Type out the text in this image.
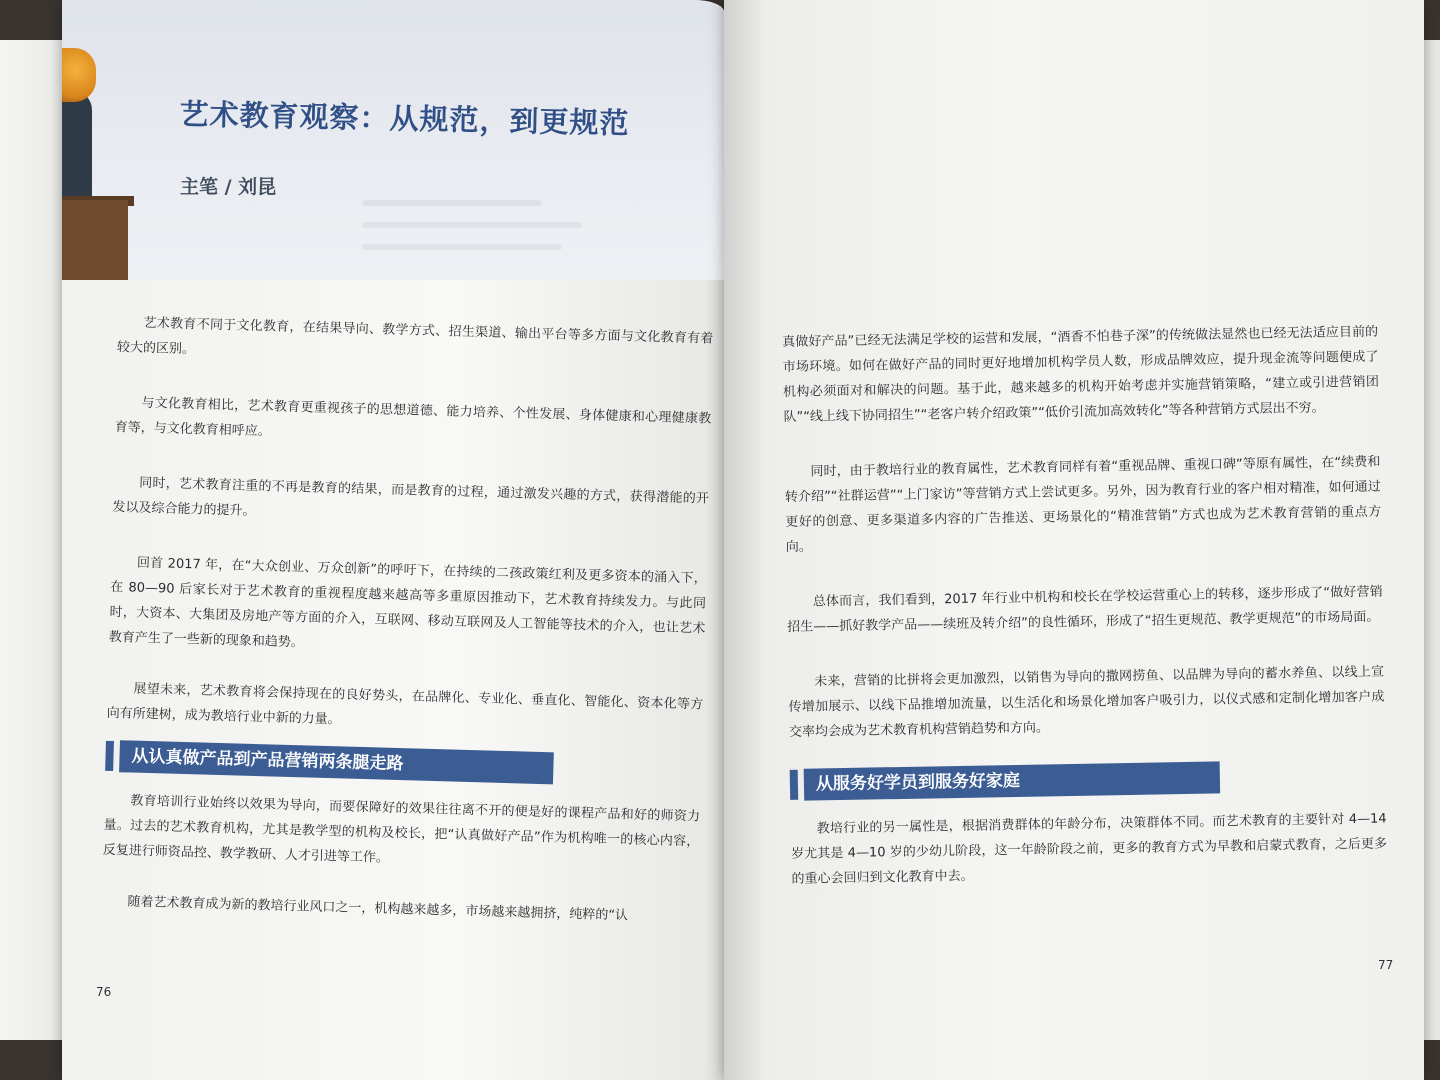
艺术教育观察：从规范，到更规范
主笔 / 刘昆

艺术教育不同于文化教育，在结果导向、教学方式、招生渠道、输出平台等多方面与文化教育有着较大的区别。

与文化教育相比，艺术教育更重视孩子的思想道德、能力培养、个性发展、身体健康和心理健康教育等，与文化教育相呼应。

同时，艺术教育注重的不再是教育的结果，而是教育的过程，通过激发兴趣的方式，获得潜能的开发以及综合能力的提升。

回首 2017 年，在“大众创业、万众创新”的呼吁下，在持续的二孩政策红利及更多资本的涌入下，在 80—90 后家长对于艺术教育的重视程度越来越高等多重原因推动下，艺术教育持续发力。与此同时，大资本、大集团及房地产等方面的介入，互联网、移动互联网及人工智能等技术的介入，也让艺术教育产生了一些新的现象和趋势。

展望未来，艺术教育将会保持现在的良好势头，在品牌化、专业化、垂直化、智能化、资本化等方向有所建树，成为教培行业中新的力量。

从认真做产品到产品营销两条腿走路

教育培训行业始终以效果为导向，而要保障好的效果往往离不开的便是好的课程产品和好的师资力量。过去的艺术教育机构，尤其是教学型的机构及校长，把“认真做好产品”作为机构唯一的核心内容，反复进行师资品控、教学教研、人才引进等工作。

随着艺术教育成为新的教培行业风口之一，机构越来越多，市场越来越拥挤，纯粹的“认

76

真做好产品”已经无法满足学校的运营和发展，“酒香不怕巷子深”的传统做法显然也已经无法适应目前的市场环境。如何在做好产品的同时更好地增加机构学员人数，形成品牌效应，提升现金流等问题便成了机构必须面对和解决的问题。基于此，越来越多的机构开始考虑并实施营销策略，“建立或引进营销团队”“线上线下协同招生”“老客户转介绍政策”“低价引流加高效转化”等各种营销方式层出不穷。

同时，由于教培行业的教育属性，艺术教育同样有着“重视品牌、重视口碑”等原有属性，在“续费和转介绍”“社群运营”“上门家访”等营销方式上尝试更多。另外，因为教育行业的客户相对精准，如何通过更好的创意、更多渠道多内容的广告推送、更场景化的“精准营销”方式也成为艺术教育营销的重点方向。

总体而言，我们看到，2017 年行业中机构和校长在学校运营重心上的转移，逐步形成了“做好营销招生——抓好教学产品——续班及转介绍”的良性循环，形成了“招生更规范、教学更规范”的市场局面。

未来，营销的比拼将会更加激烈，以销售为导向的撒网捞鱼、以品牌为导向的蓄水养鱼、以线上宣传增加展示、以线下品推增加流量，以生活化和场景化增加客户吸引力，以仪式感和定制化增加客户成交率均会成为艺术教育机构营销趋势和方向。

从服务好学员到服务好家庭

教培行业的另一属性是，根据消费群体的年龄分布，决策群体不同。而艺术教育的主要针对 4—14 岁尤其是 4—10 岁的少幼儿阶段，这一年龄阶段之前，更多的教育方式为早教和启蒙式教育，之后更多的重心会回归到文化教育中去。

77
